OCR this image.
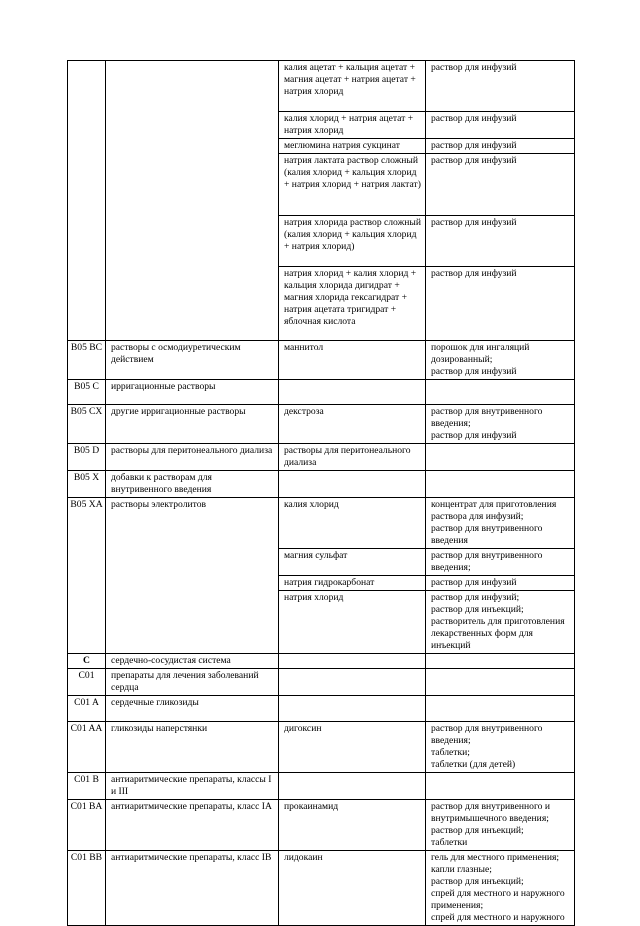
		калия ацетат + кальция ацетат + магния ацетат + натрия ацетат + натрия хлорид	раствор для инфузий

		калия хлорид + натрия ацетат + натрия хлорид	раствор для инфузий

		меглюмина натрия сукцинат	раствор для инфузий

		натрия лактата раствор сложный (калия хлорид + кальция хлорид + натрия хлорид + натрия лактат)	раствор для инфузий

		натрия хлорида раствор сложный (калия хлорид + кальция хлорид + натрия хлорид)	раствор для инфузий

		натрия хлорид + калия хлорид + кальция хлорида дигидрат + магния хлорида гексагидрат + натрия ацетата тригидрат + яблочная кислота	раствор для инфузий

B05 BC	растворы с осмодиуретическим действием	маннитол	порошок для ингаляций дозированный;
раствор для инфузий

B05 C	ирригационные растворы		
B05 CX	другие ирригационные растворы	декстроза	раствор для внутривенного введения;
раствор для инфузий

B05 D	растворы для перитонеального диализа	растворы для перитонеального диализа	
B05 X	добавки к растворам для внутривенного введения		
B05 XA	растворы электролитов	калия хлорид	концентрат для приготовления раствора для инфузий;
раствор для внутривенного введения

		магния сульфат	раствор для внутривенного введения;

		натрия гидрокарбонат	раствор для инфузий

		натрия хлорид	раствор для инфузий;
раствор для инъекций;
растворитель для приготовления лекарственных форм для инъекций

C	сердечно-сосудистая система		
C01	препараты для лечения заболеваний сердца		
C01 A	сердечные гликозиды		
C01 AA	гликозиды наперстянки	дигоксин	раствор для внутривенного введения;
таблетки;
таблетки (для детей)

C01 B	антиаритмические препараты, классы I и III		
C01 BA	антиаритмические препараты, класс IA	прокаинамид	раствор для внутривенного и внутримышечного введения;
раствор для инъекций;
таблетки

C01 BB	антиаритмические препараты, класс IB	лидокаин	гель для местного применения;
капли глазные;
раствор для инъекций;
спрей для местного и наружного применения;
спрей для местного и наружного
